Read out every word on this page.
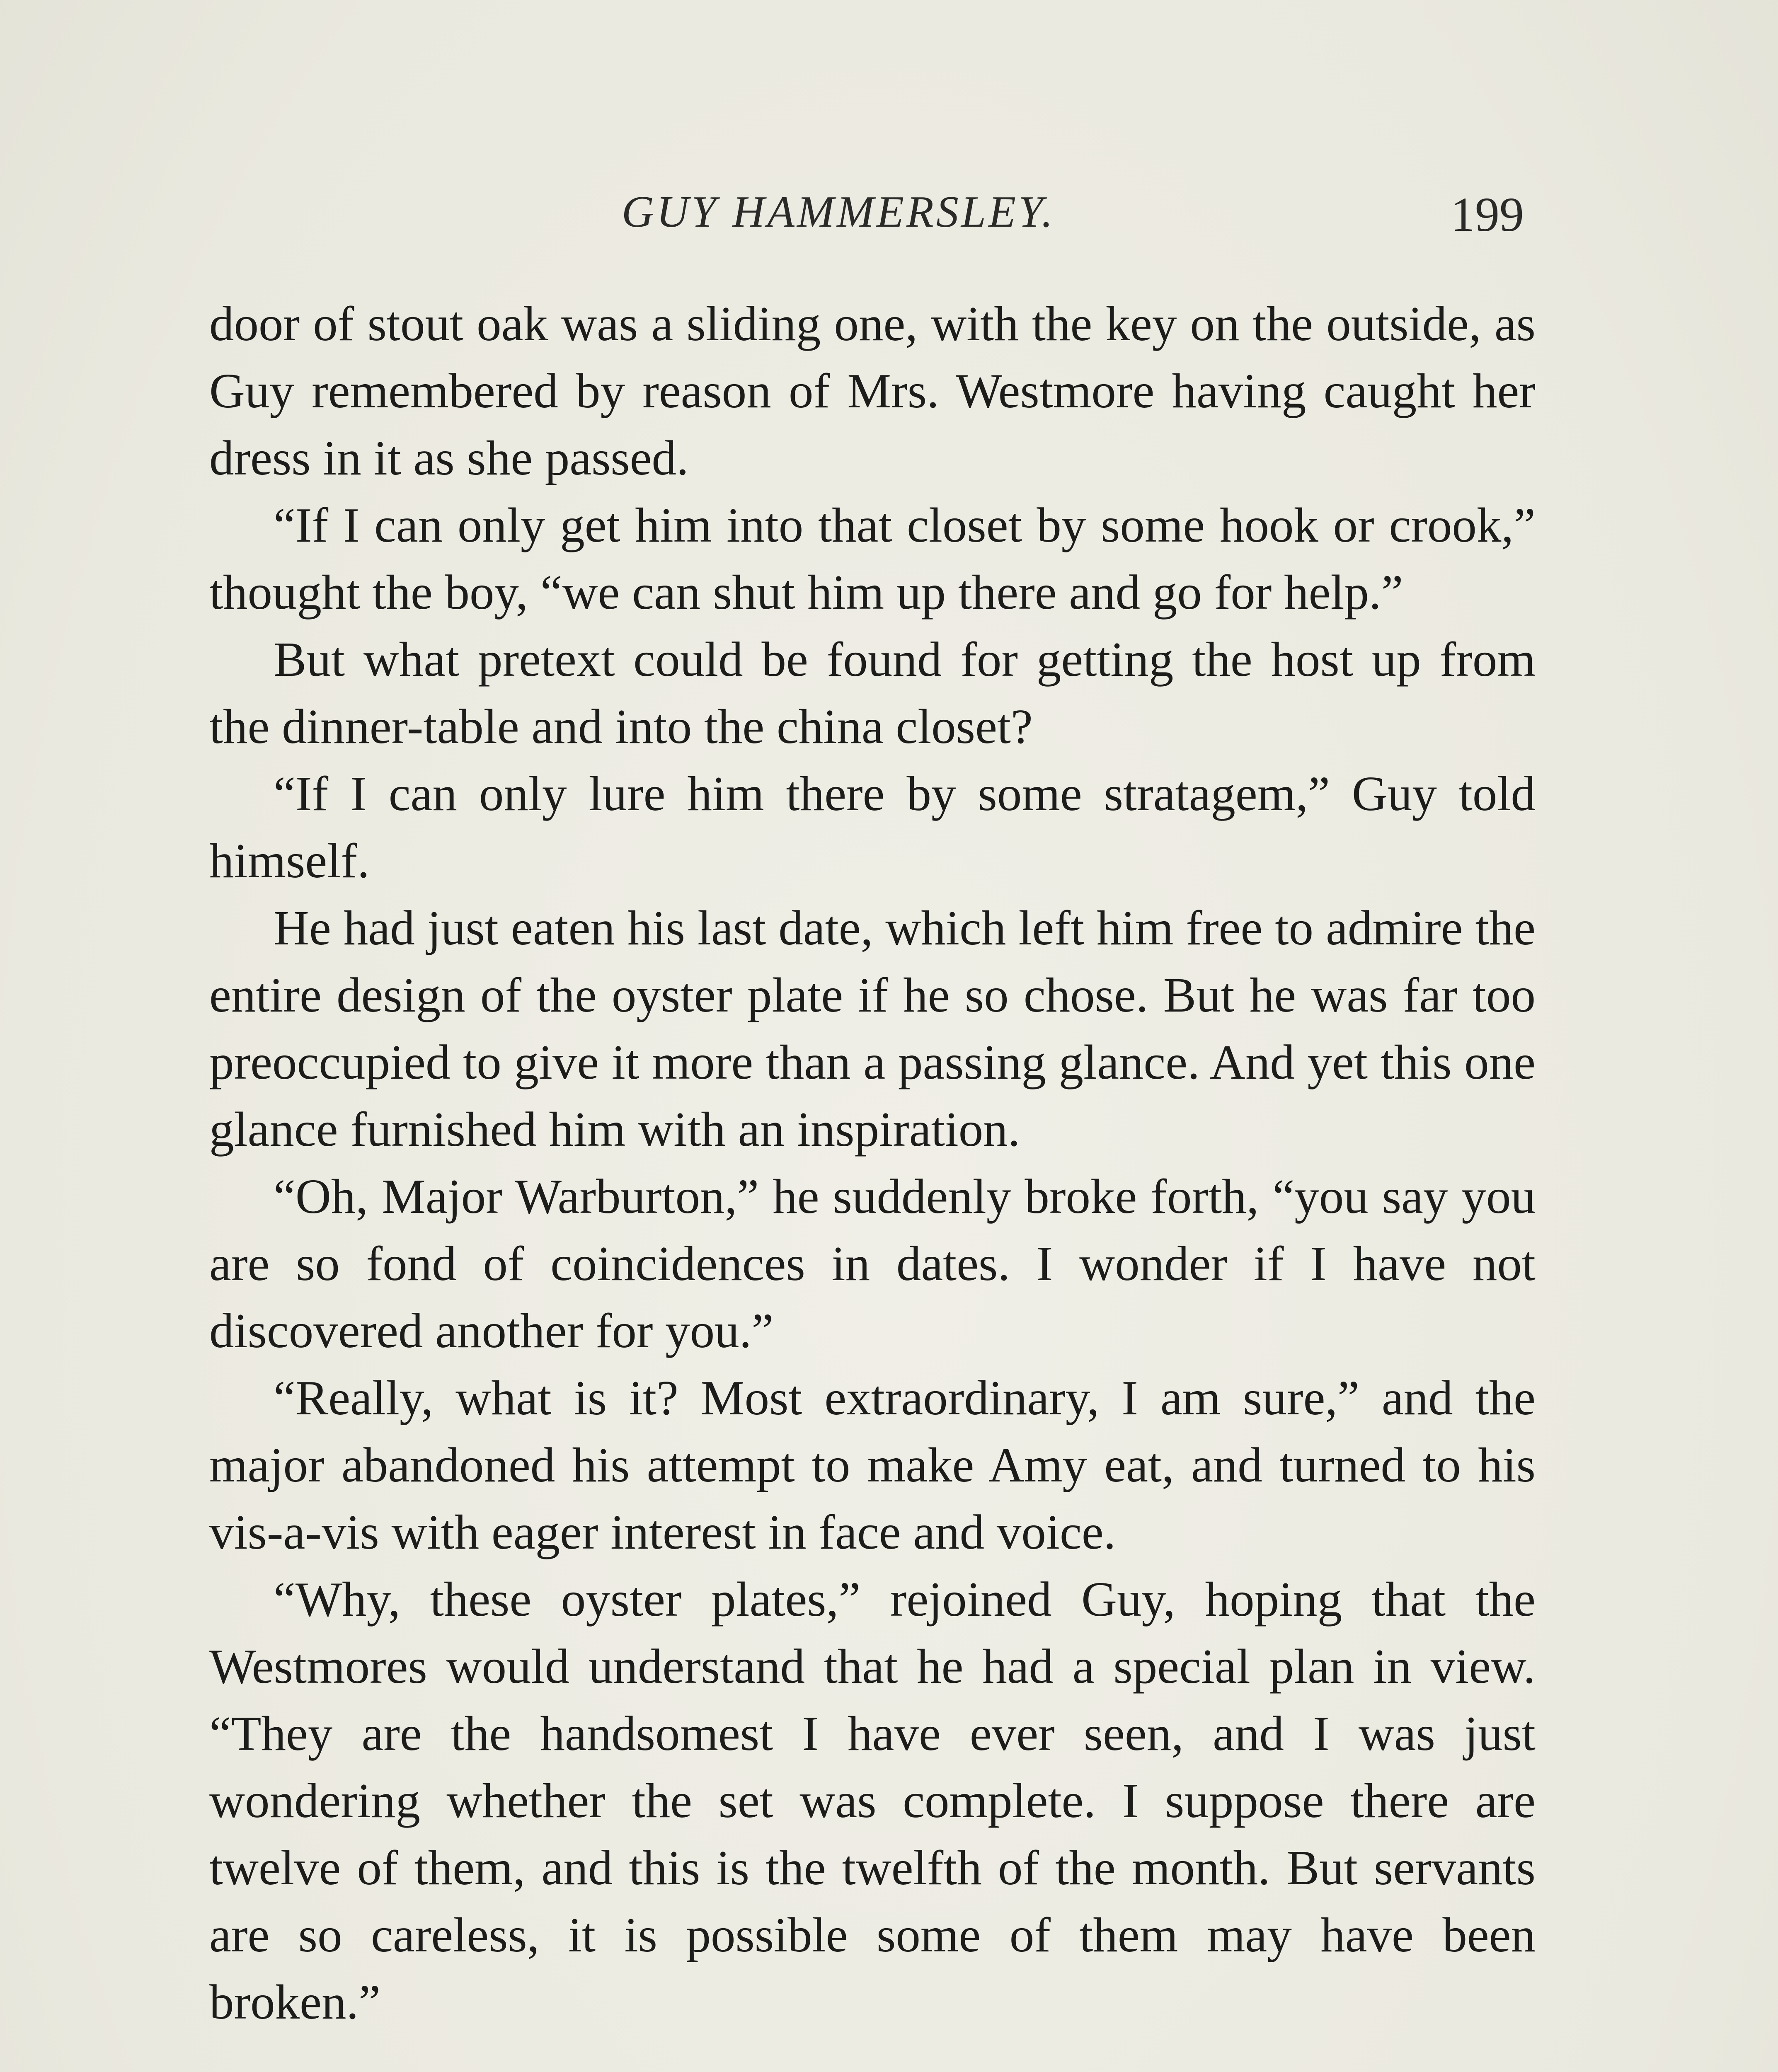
GUY HAMMERSLEY.	199

door of stout oak was a sliding one, with the key on the outside, as Guy remembered by reason of Mrs. Westmore having caught her dress in it as she passed.

“If I can only get him into that closet by some hook or crook,” thought the boy, “we can shut him up there and go for help.”

But what pretext could be found for getting the host up from the dinner-table and into the china closet?

“If I can only lure him there by some stratagem,” Guy told himself.

He had just eaten his last date, which left him free to admire the entire design of the oyster plate if he so chose. But he was far too preoccupied to give it more than a passing glance. And yet this one glance furnished him with an inspiration.

“Oh, Major Warburton,” he suddenly broke forth, “you say you are so fond of coincidences in dates. I wonder if I have not discovered another for you.”

“Really, what is it? Most extraordinary, I am sure,” and the major abandoned his attempt to make Amy eat, and turned to his vis-a-vis with eager interest in face and voice.

“Why, these oyster plates,” rejoined Guy, hoping that the Westmores would understand that he had a special plan in view. “They are the handsomest I have ever seen, and I was just wondering whether the set was complete. I suppose there are twelve of them, and this is the twelfth of the month. But servants are so careless, it is possible some of them may have been broken.”
